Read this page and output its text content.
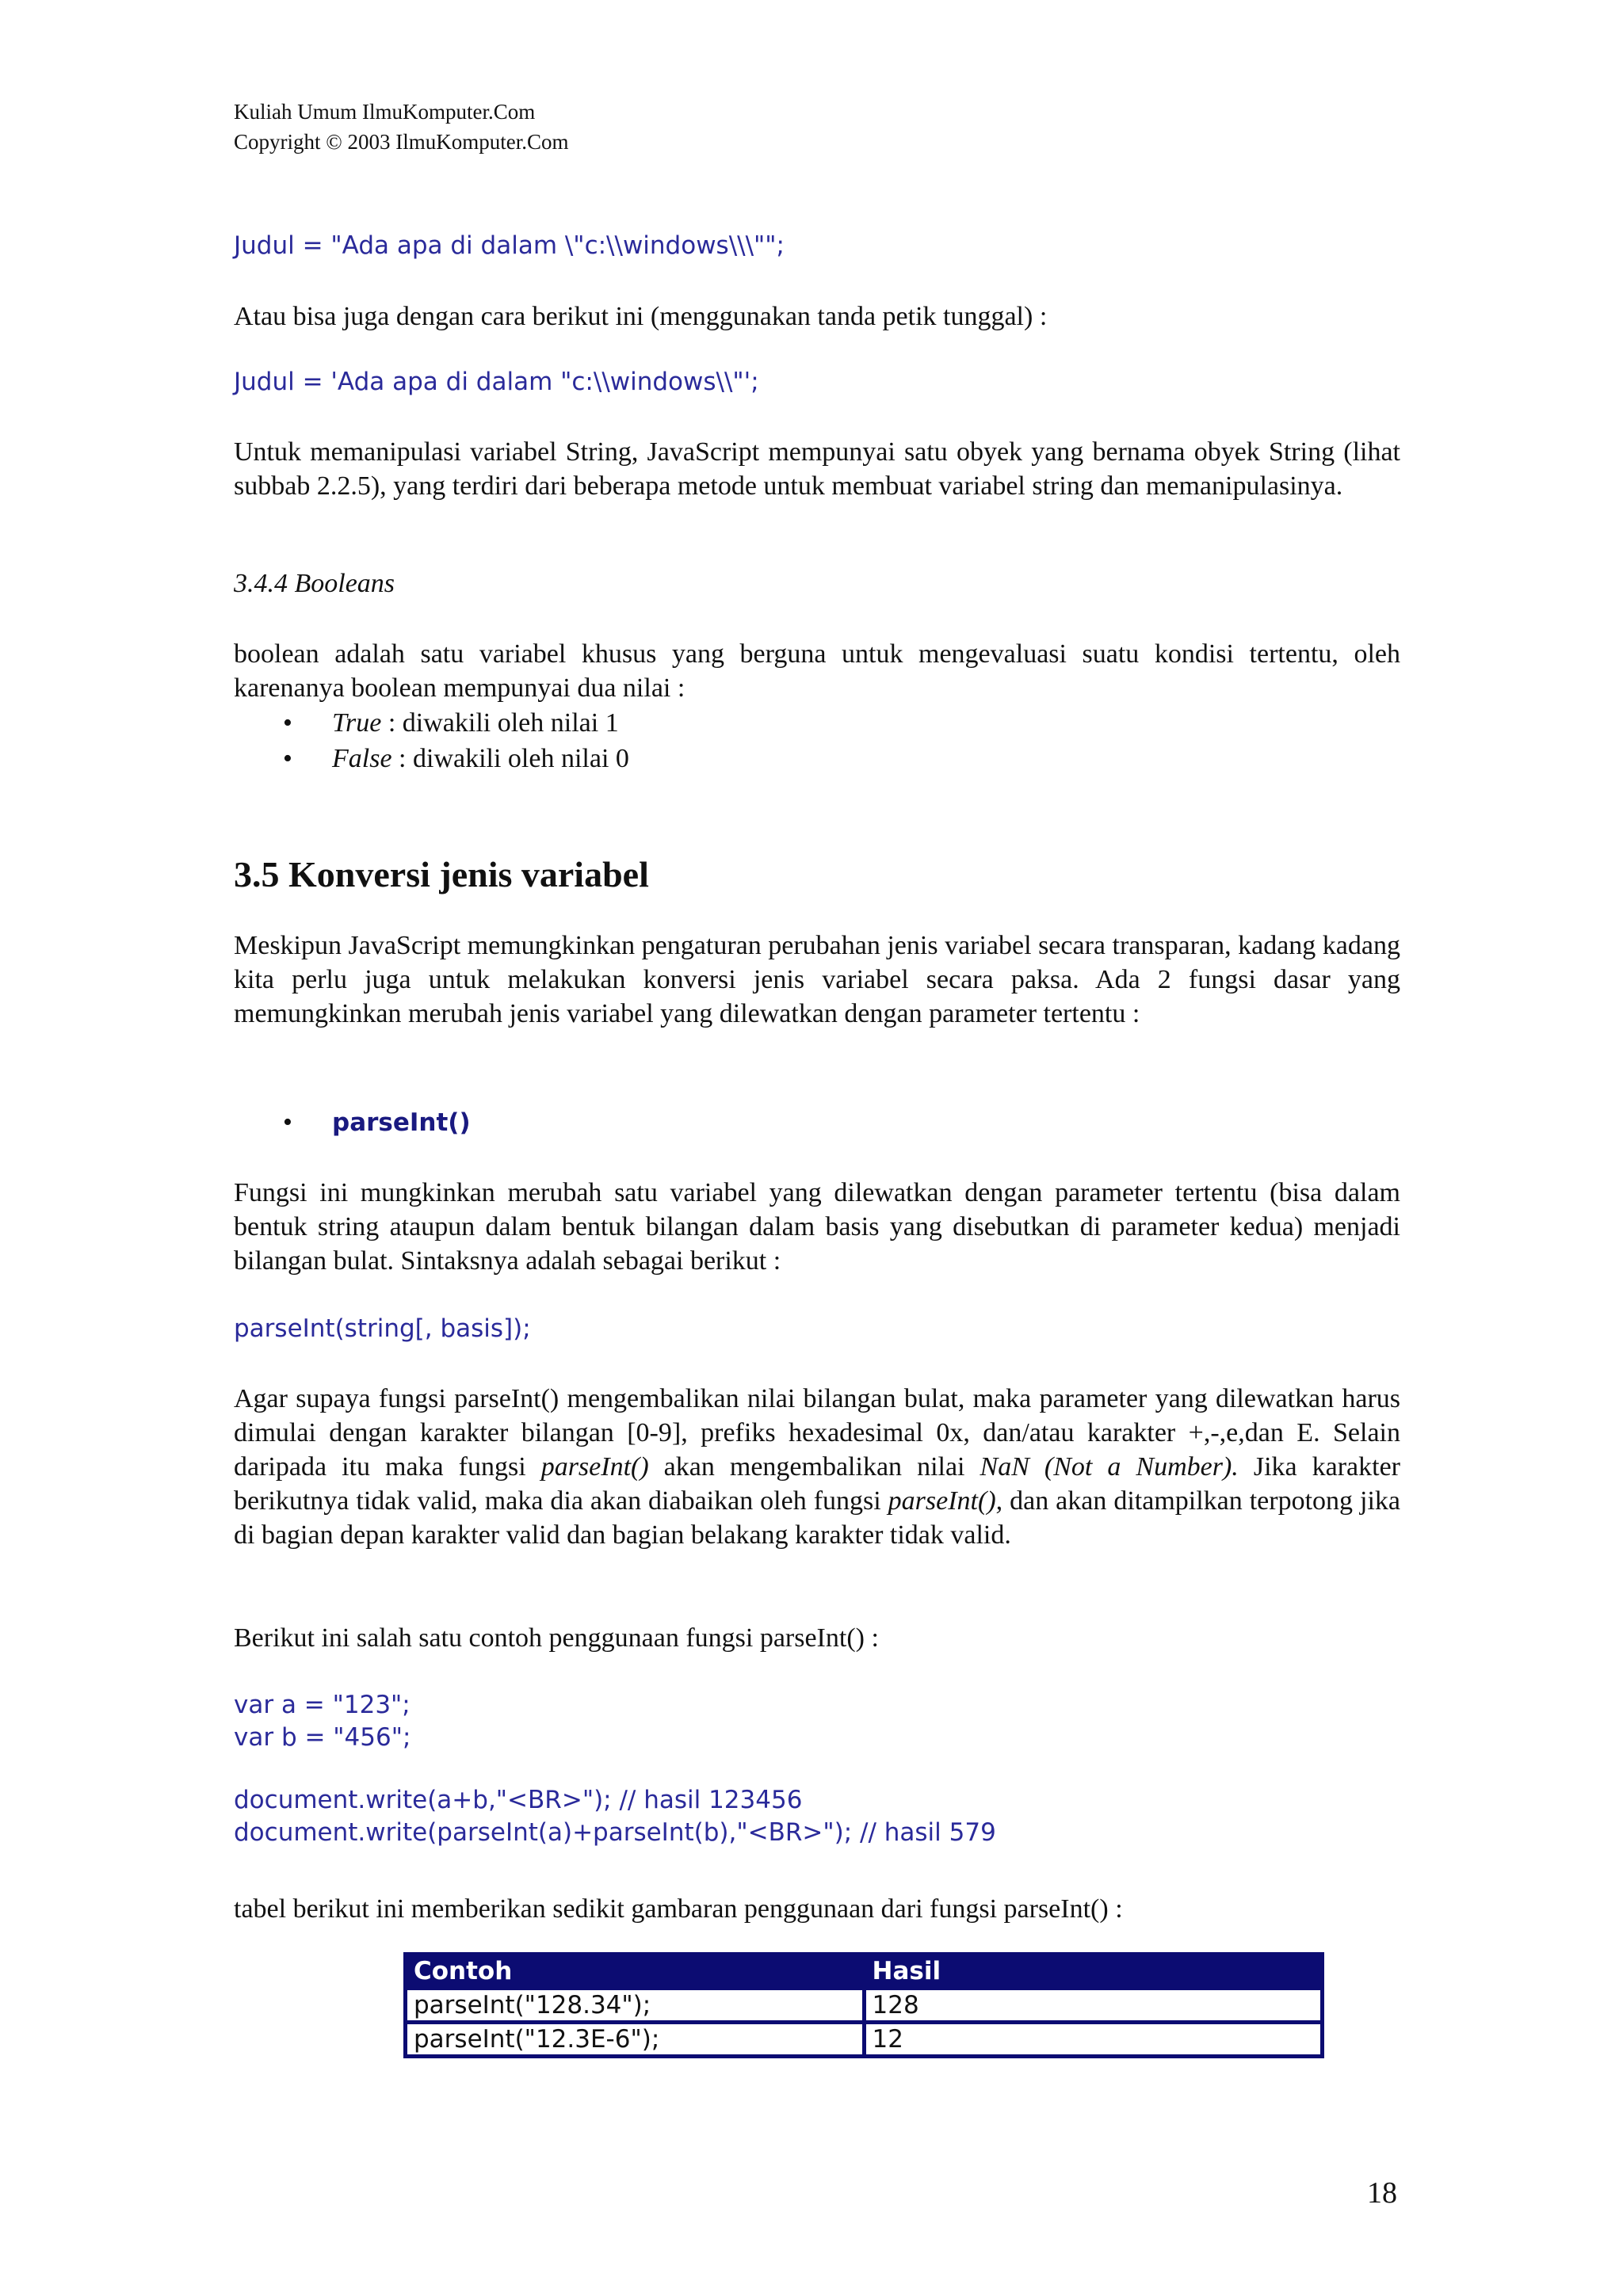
Kuliah Umum IlmuKomputer.Com
Copyright © 2003 IlmuKomputer.Com

Judul = "Ada apa di dalam \"c:\\windows\\\"";

Atau bisa juga dengan cara berikut ini (menggunakan tanda petik tunggal) :

Judul = 'Ada apa di dalam "c:\\windows\\"';

Untuk memanipulasi variabel String, JavaScript mempunyai satu obyek yang bernama obyek String (lihat subbab 2.2.5), yang terdiri dari beberapa metode untuk membuat variabel string dan memanipulasinya.

3.4.4 Booleans

boolean adalah satu variabel khusus yang berguna untuk mengevaluasi suatu kondisi tertentu, oleh karenanya boolean mempunyai dua nilai :

• True : diwakili oleh nilai 1
• False : diwakili oleh nilai 0
3.5 Konversi jenis variabel

Meskipun JavaScript memungkinkan pengaturan perubahan jenis variabel secara transparan, kadang kadang kita perlu juga untuk melakukan konversi jenis variabel secara paksa. Ada 2 fungsi dasar yang memungkinkan merubah jenis variabel yang dilewatkan dengan parameter tertentu :

• parseInt()

Fungsi ini mungkinkan merubah satu variabel yang dilewatkan dengan parameter tertentu (bisa dalam bentuk string ataupun dalam bentuk bilangan dalam basis yang disebutkan di parameter kedua) menjadi bilangan bulat. Sintaksnya adalah sebagai berikut :

parseInt(string[, basis]);

Agar supaya fungsi parseInt() mengembalikan nilai bilangan bulat, maka parameter yang dilewatkan harus dimulai dengan karakter bilangan [0-9], prefiks hexadesimal 0x, dan/atau karakter +,-,e,dan E. Selain daripada itu maka fungsi parseInt() akan mengembalikan nilai NaN (Not a Number). Jika karakter berikutnya tidak valid, maka dia akan diabaikan oleh fungsi parseInt(), dan akan ditampilkan terpotong jika di bagian depan karakter valid dan bagian belakang karakter tidak valid.

Berikut ini salah satu contoh penggunaan fungsi parseInt() :

var a = "123";

var b = "456";

document.write(a+b,"<BR>"); // hasil 123456

document.write(parseInt(a)+parseInt(b),"<BR>"); // hasil 579

tabel berikut ini memberikan sedikit gambaran penggunaan dari fungsi parseInt() :

Contoh	Hasil
parseInt("128.34");	128
parseInt("12.3E-6");	12
18
